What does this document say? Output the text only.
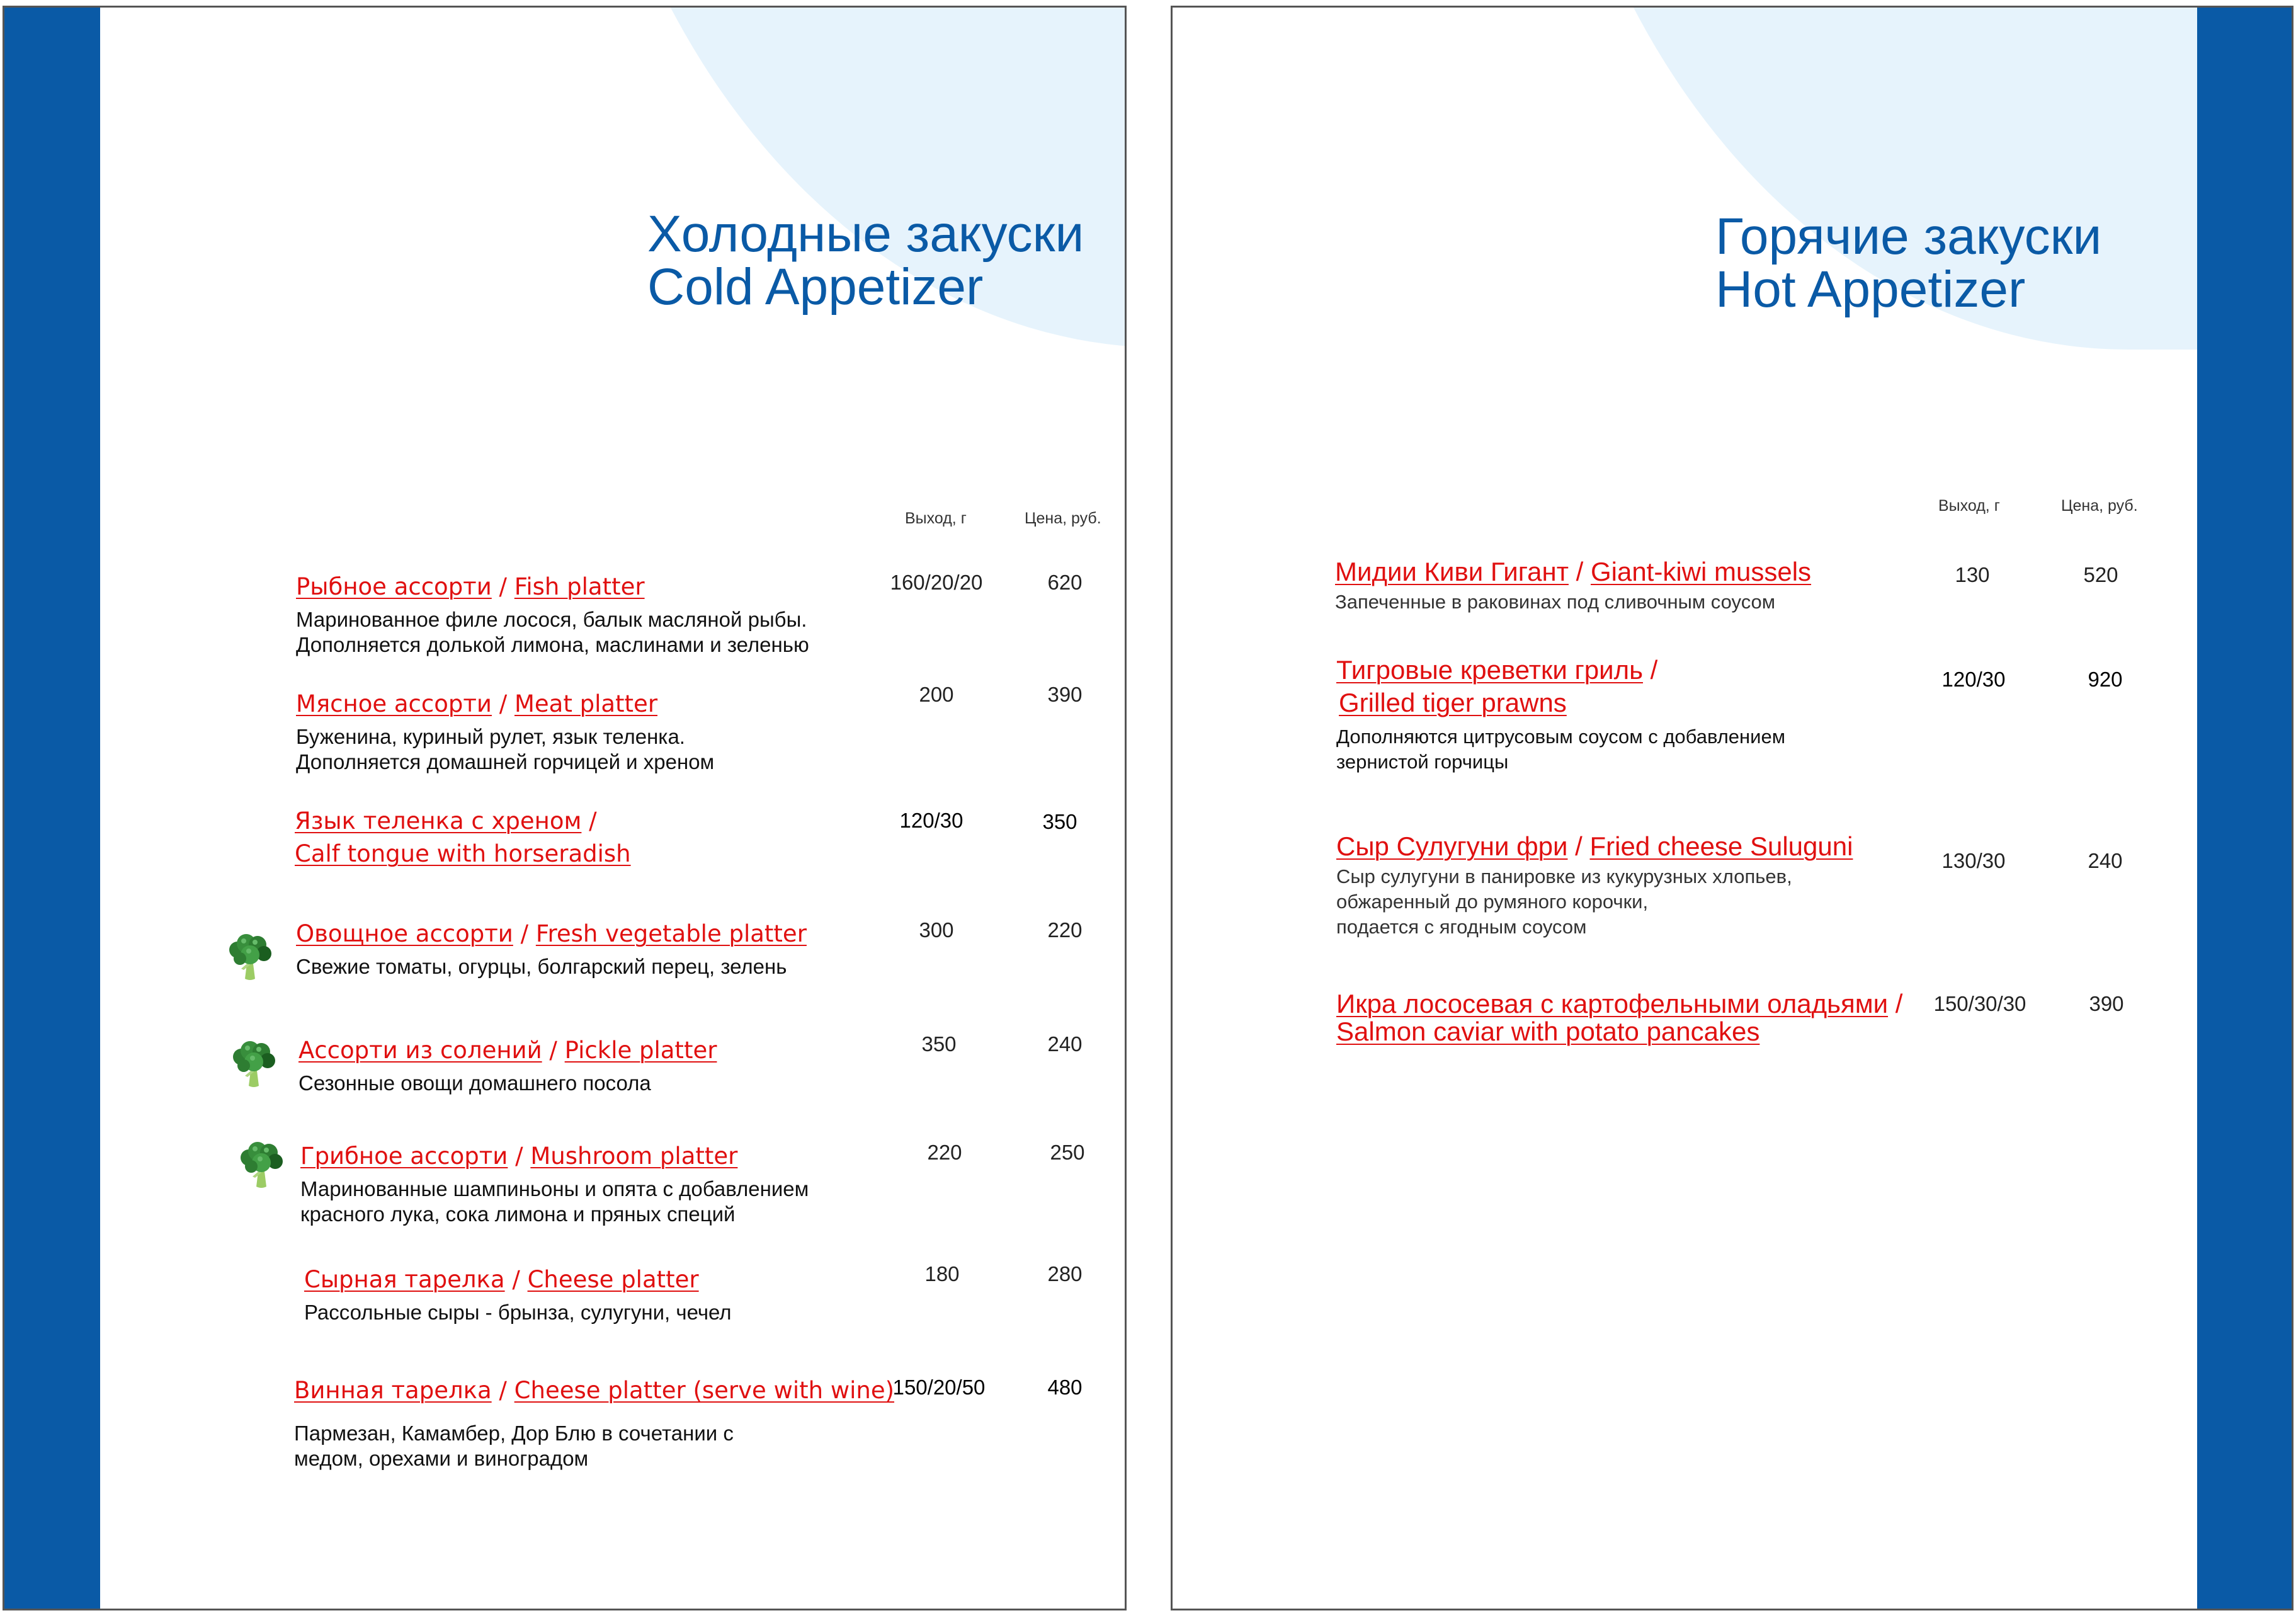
Холодные закуски
Cold Appetizer
Выход, г	Цена, руб.
Рыбное ассорти / Fish platter
Маринованное филе лосося, балык масляной рыбы.
Дополняется долькой лимона, маслинами и зеленью
160/20/20	620
Мясное ассорти / Meat platter
Буженина, куриный рулет, язык теленка.
Дополняется домашней горчицей и хреном
200	390
Язык теленка с хреном /
Calf tongue with horseradish
120/30	350
Овощное ассорти / Fresh vegetable platter
Свежие томаты, огурцы, болгарский перец, зелень
300	220
Ассорти из солений / Pickle platter
Сезонные овощи домашнего посола
350	240
Грибное ассорти / Mushroom platter
Маринованные шампиньоны и опята с добавлением
красного лука, сока лимона и пряных специй
220	250
Сырная тарелка / Cheese platter
Рассольные сыры - брынза, сулугуни, чечел
180	280
Винная тарелка / Cheese platter (serve with wine)
Пармезан, Камамбер, Дор Блю в сочетании с
медом, орехами и виноградом
150/20/50	480
Горячие закуски
Hot Appetizer
Выход, г	Цена, руб.
Мидии Киви Гигант / Giant-kiwi mussels
Запеченные в раковинах под сливочным соусом
130	520
Тигровые креветки гриль /
Grilled tiger prawns
Дополняются цитрусовым соусом с добавлением
зернистой горчицы
120/30	920
Сыр Сулугуни фри / Fried cheese Suluguni
Сыр сулугуни в панировке из кукурузных хлопьев,
обжаренный до румяного корочки,
подается с ягодным соусом
130/30	240
Икра лососевая с картофельными оладьями /
Salmon caviar with potato pancakes
150/30/30	390
